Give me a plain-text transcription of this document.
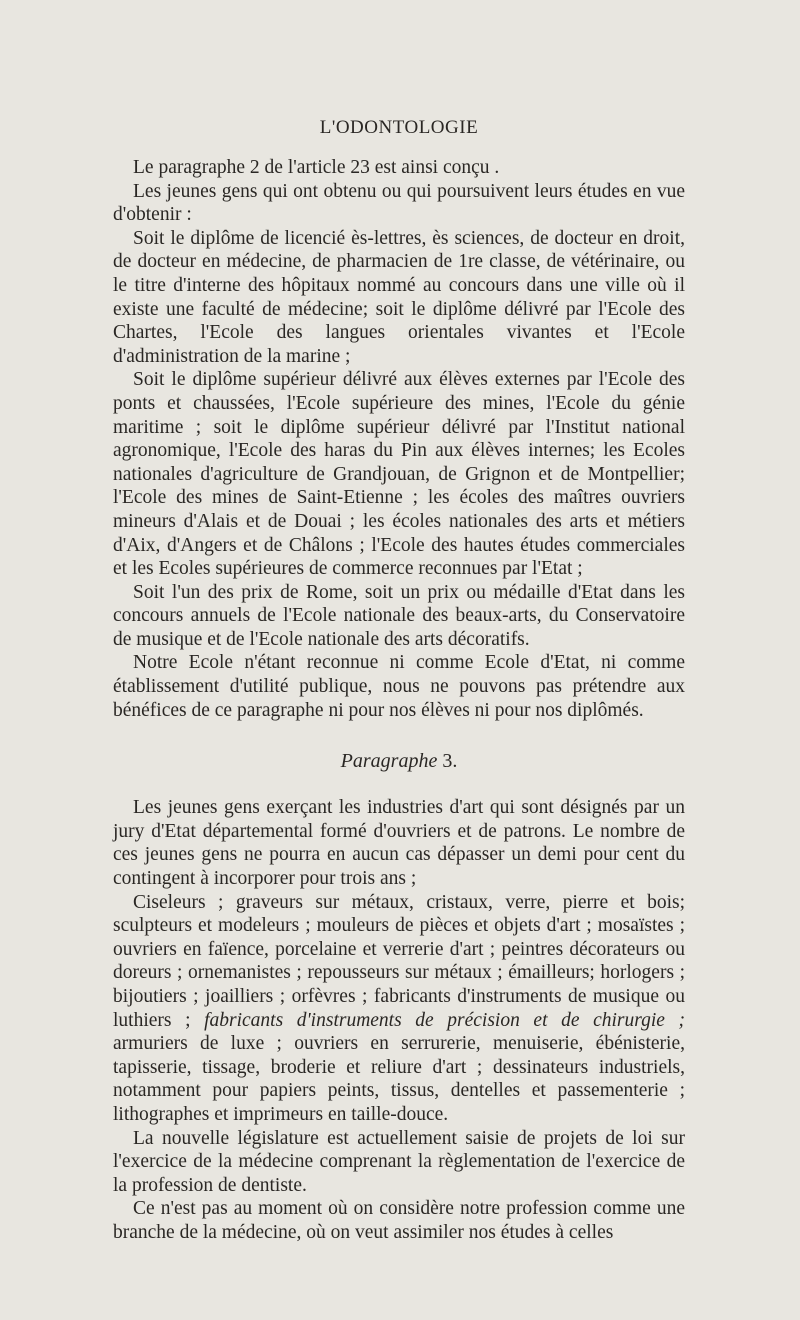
L'ODONTOLOGIE

Le paragraphe 2 de l'article 23 est ainsi conçu .

Les jeunes gens qui ont obtenu ou qui poursuivent leurs études en vue d'obtenir :

Soit le diplôme de licencié ès-lettres, ès sciences, de docteur en droit, de docteur en médecine, de pharmacien de 1re classe, de vétérinaire, ou le titre d'interne des hôpitaux nommé au concours dans une ville où il existe une faculté de médecine; soit le diplôme délivré par l'Ecole des Chartes, l'Ecole des langues orientales vivantes et l'Ecole d'administration de la marine ;

Soit le diplôme supérieur délivré aux élèves externes par l'Ecole des ponts et chaussées, l'Ecole supérieure des mines, l'Ecole du génie maritime ; soit le diplôme supérieur délivré par l'Institut national agronomique, l'Ecole des haras du Pin aux élèves internes; les Ecoles nationales d'agriculture de Grandjouan, de Grignon et de Montpellier; l'Ecole des mines de Saint-Etienne ; les écoles des maîtres ouvriers mineurs d'Alais et de Douai ; les écoles nationales des arts et métiers d'Aix, d'Angers et de Châlons ; l'Ecole des hautes études commerciales et les Ecoles supérieures de commerce reconnues par l'Etat ;

Soit l'un des prix de Rome, soit un prix ou médaille d'Etat dans les concours annuels de l'Ecole nationale des beaux-arts, du Conservatoire de musique et de l'Ecole nationale des arts décoratifs.

Notre Ecole n'étant reconnue ni comme Ecole d'Etat, ni comme établissement d'utilité publique, nous ne pouvons pas prétendre aux bénéfices de ce paragraphe ni pour nos élèves ni pour nos diplômés.

Paragraphe 3.

Les jeunes gens exerçant les industries d'art qui sont désignés par un jury d'Etat départemental formé d'ouvriers et de patrons. Le nombre de ces jeunes gens ne pourra en aucun cas dépasser un demi pour cent du contingent à incorporer pour trois ans ;

Ciseleurs ; graveurs sur métaux, cristaux, verre, pierre et bois; sculpteurs et modeleurs ; mouleurs de pièces et objets d'art ; mosaïstes ; ouvriers en faïence, porcelaine et verrerie d'art ; peintres décorateurs ou doreurs ; ornemanistes ; repousseurs sur métaux ; émailleurs; horlogers ; bijoutiers ; joailliers ; orfèvres ; fabricants d'instruments de musique ou luthiers ; fabricants d'instruments de précision et de chirurgie ; armuriers de luxe ; ouvriers en serrurerie, menuiserie, ébénisterie, tapisserie, tissage, broderie et reliure d'art ; dessinateurs industriels, notamment pour papiers peints, tissus, dentelles et passementerie ; lithographes et imprimeurs en taille-douce.

La nouvelle législature est actuellement saisie de projets de loi sur l'exercice de la médecine comprenant la règlementation de l'exercice de la profession de dentiste.

Ce n'est pas au moment où on considère notre profession comme une branche de la médecine, où on veut assimiler nos études à celles
